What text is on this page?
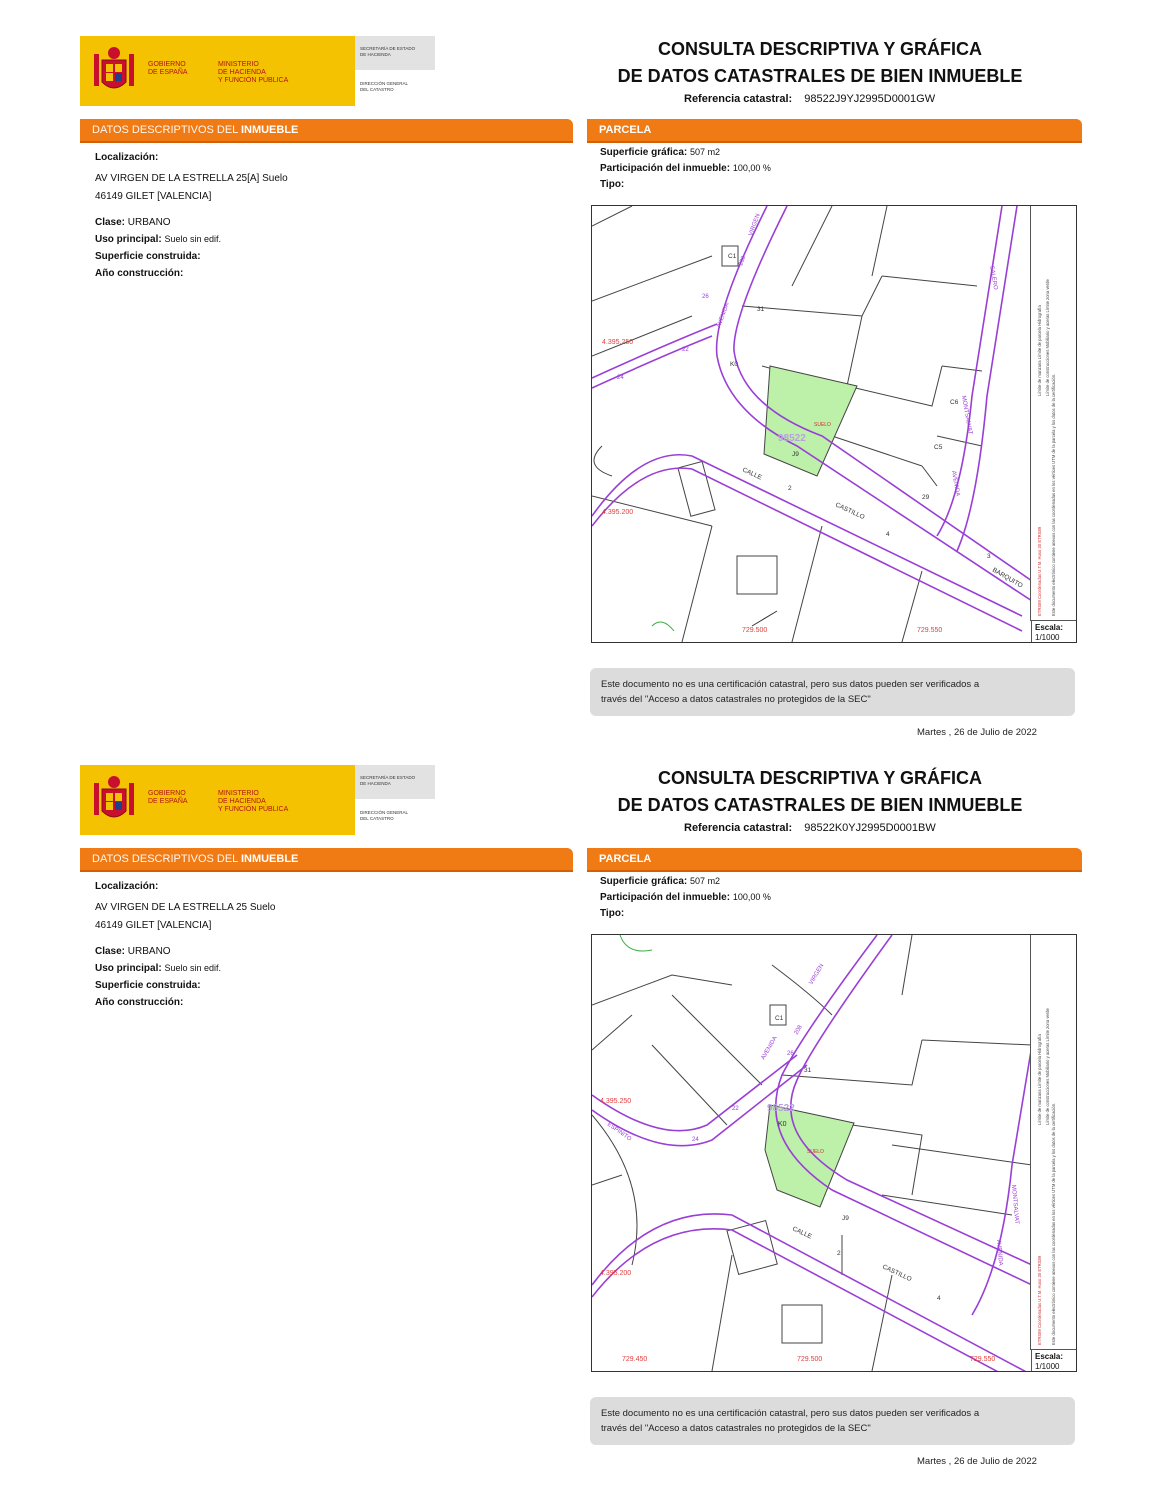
GOBIERNO
DE ESPAÑA
MINISTERIO
DE HACIENDA
Y FUNCIÓN PÚBLICA
SECRETARÍA DE ESTADO
DE HACIENDA
DIRECCIÓN GENERAL
DEL CATASTRO
CONSULTA DESCRIPTIVA Y GRÁFICA
DE DATOS CATASTRALES DE BIEN INMUEBLE
Referencia catastral: 98522J9YJ2995D0001GW
DATOS DESCRIPTIVOS DEL INMUEBLE	PARCELA
Localización:
AV VIRGEN DE LA ESTRELLA 25[A] Suelo
46149 GILET [VALENCIA]
Clase: URBANO
Uso principal: Suelo sin edif.
Superficie construida:
Año construcción:
Superficie gráfica: 507 m2
Participación del inmueble: 100,00 %
Tipo:
AVENIDA
VIRGEN
SALERO
MONTSALVAT
AVENIDA
CALLE
CASTILLO
BARQUITO
31
K0
C6
C5
29
J9
C1
2
4
3
22
24
26
208
98522
SUELO
4.395.250
4.395.200
729.500	729.550
ETRS89 Coordenadas U.T.M. Huso 30 ETRS89 Este documento electrónico contiene anexos con las coordenadas en los vértices UTM de la parcela y los datos de la certificación.
Límite de manzana Límite de parcela Hidrografía Límite de construcciones Mobiliario y aceras Límite zona verde
Escala:
1/1000
Este documento no es una certificación catastral, pero sus datos pueden ser verificados a
través del "Acceso a datos catastrales no protegidos de la SEC"
Martes , 26 de Julio de 2022
GOBIERNO
DE ESPAÑA
MINISTERIO
DE HACIENDA
Y FUNCIÓN PÚBLICA
SECRETARÍA DE ESTADO
DE HACIENDA
DIRECCIÓN GENERAL
DEL CATASTRO
CONSULTA DESCRIPTIVA Y GRÁFICA
DE DATOS CATASTRALES DE BIEN INMUEBLE
Referencia catastral: 98522K0YJ2995D0001BW
DATOS DESCRIPTIVOS DEL INMUEBLE	PARCELA
Localización:
AV VIRGEN DE LA ESTRELLA 25 Suelo
46149 GILET [VALENCIA]
Clase: URBANO
Uso principal: Suelo sin edif.
Superficie construida:
Año construcción:
Superficie gráfica: 507 m2
Participación del inmueble: 100,00 %
Tipo:
AVENIDA
VIRGEN
MONTSALVAT
AVENIDA
ESPINITO
CALLE
CASTILLO
31
J9
C1
2
4
22
24
26
208
98522
K0
SUELO
4.395.250
4.395.200
729.450	729.500	729.550
ETRS89 Coordenadas U.T.M. Huso 30 ETRS89 Este documento electrónico contiene anexos con las coordenadas en los vértices UTM de la parcela y los datos de la certificación.
Límite de manzana Límite de parcela Hidrografía Límite de construcciones Mobiliario y aceras Límite zona verde
Escala:
1/1000
Este documento no es una certificación catastral, pero sus datos pueden ser verificados a
través del "Acceso a datos catastrales no protegidos de la SEC"
Martes , 26 de Julio de 2022
